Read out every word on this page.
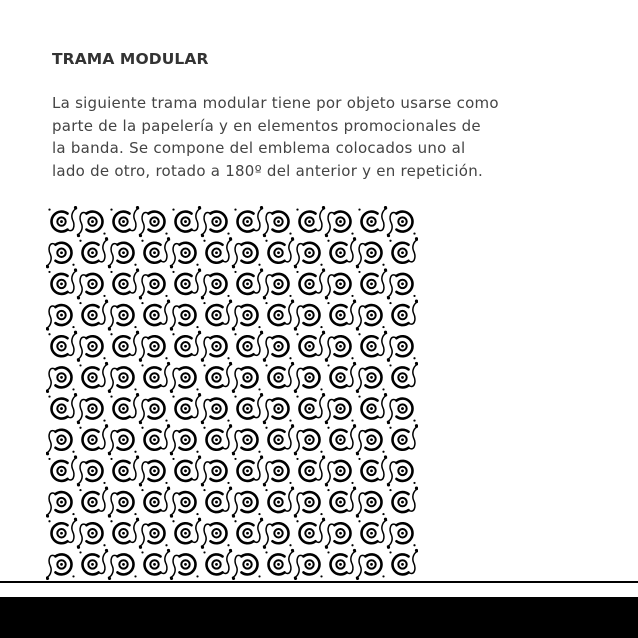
TRAMA MODULAR

La siguiente trama modular tiene por objeto usarse como
parte de la papelería y en elementos promocionales de
la banda. Se compone del emblema colocados uno al
lado de otro, rotado a 180º del anterior y en repetición.
